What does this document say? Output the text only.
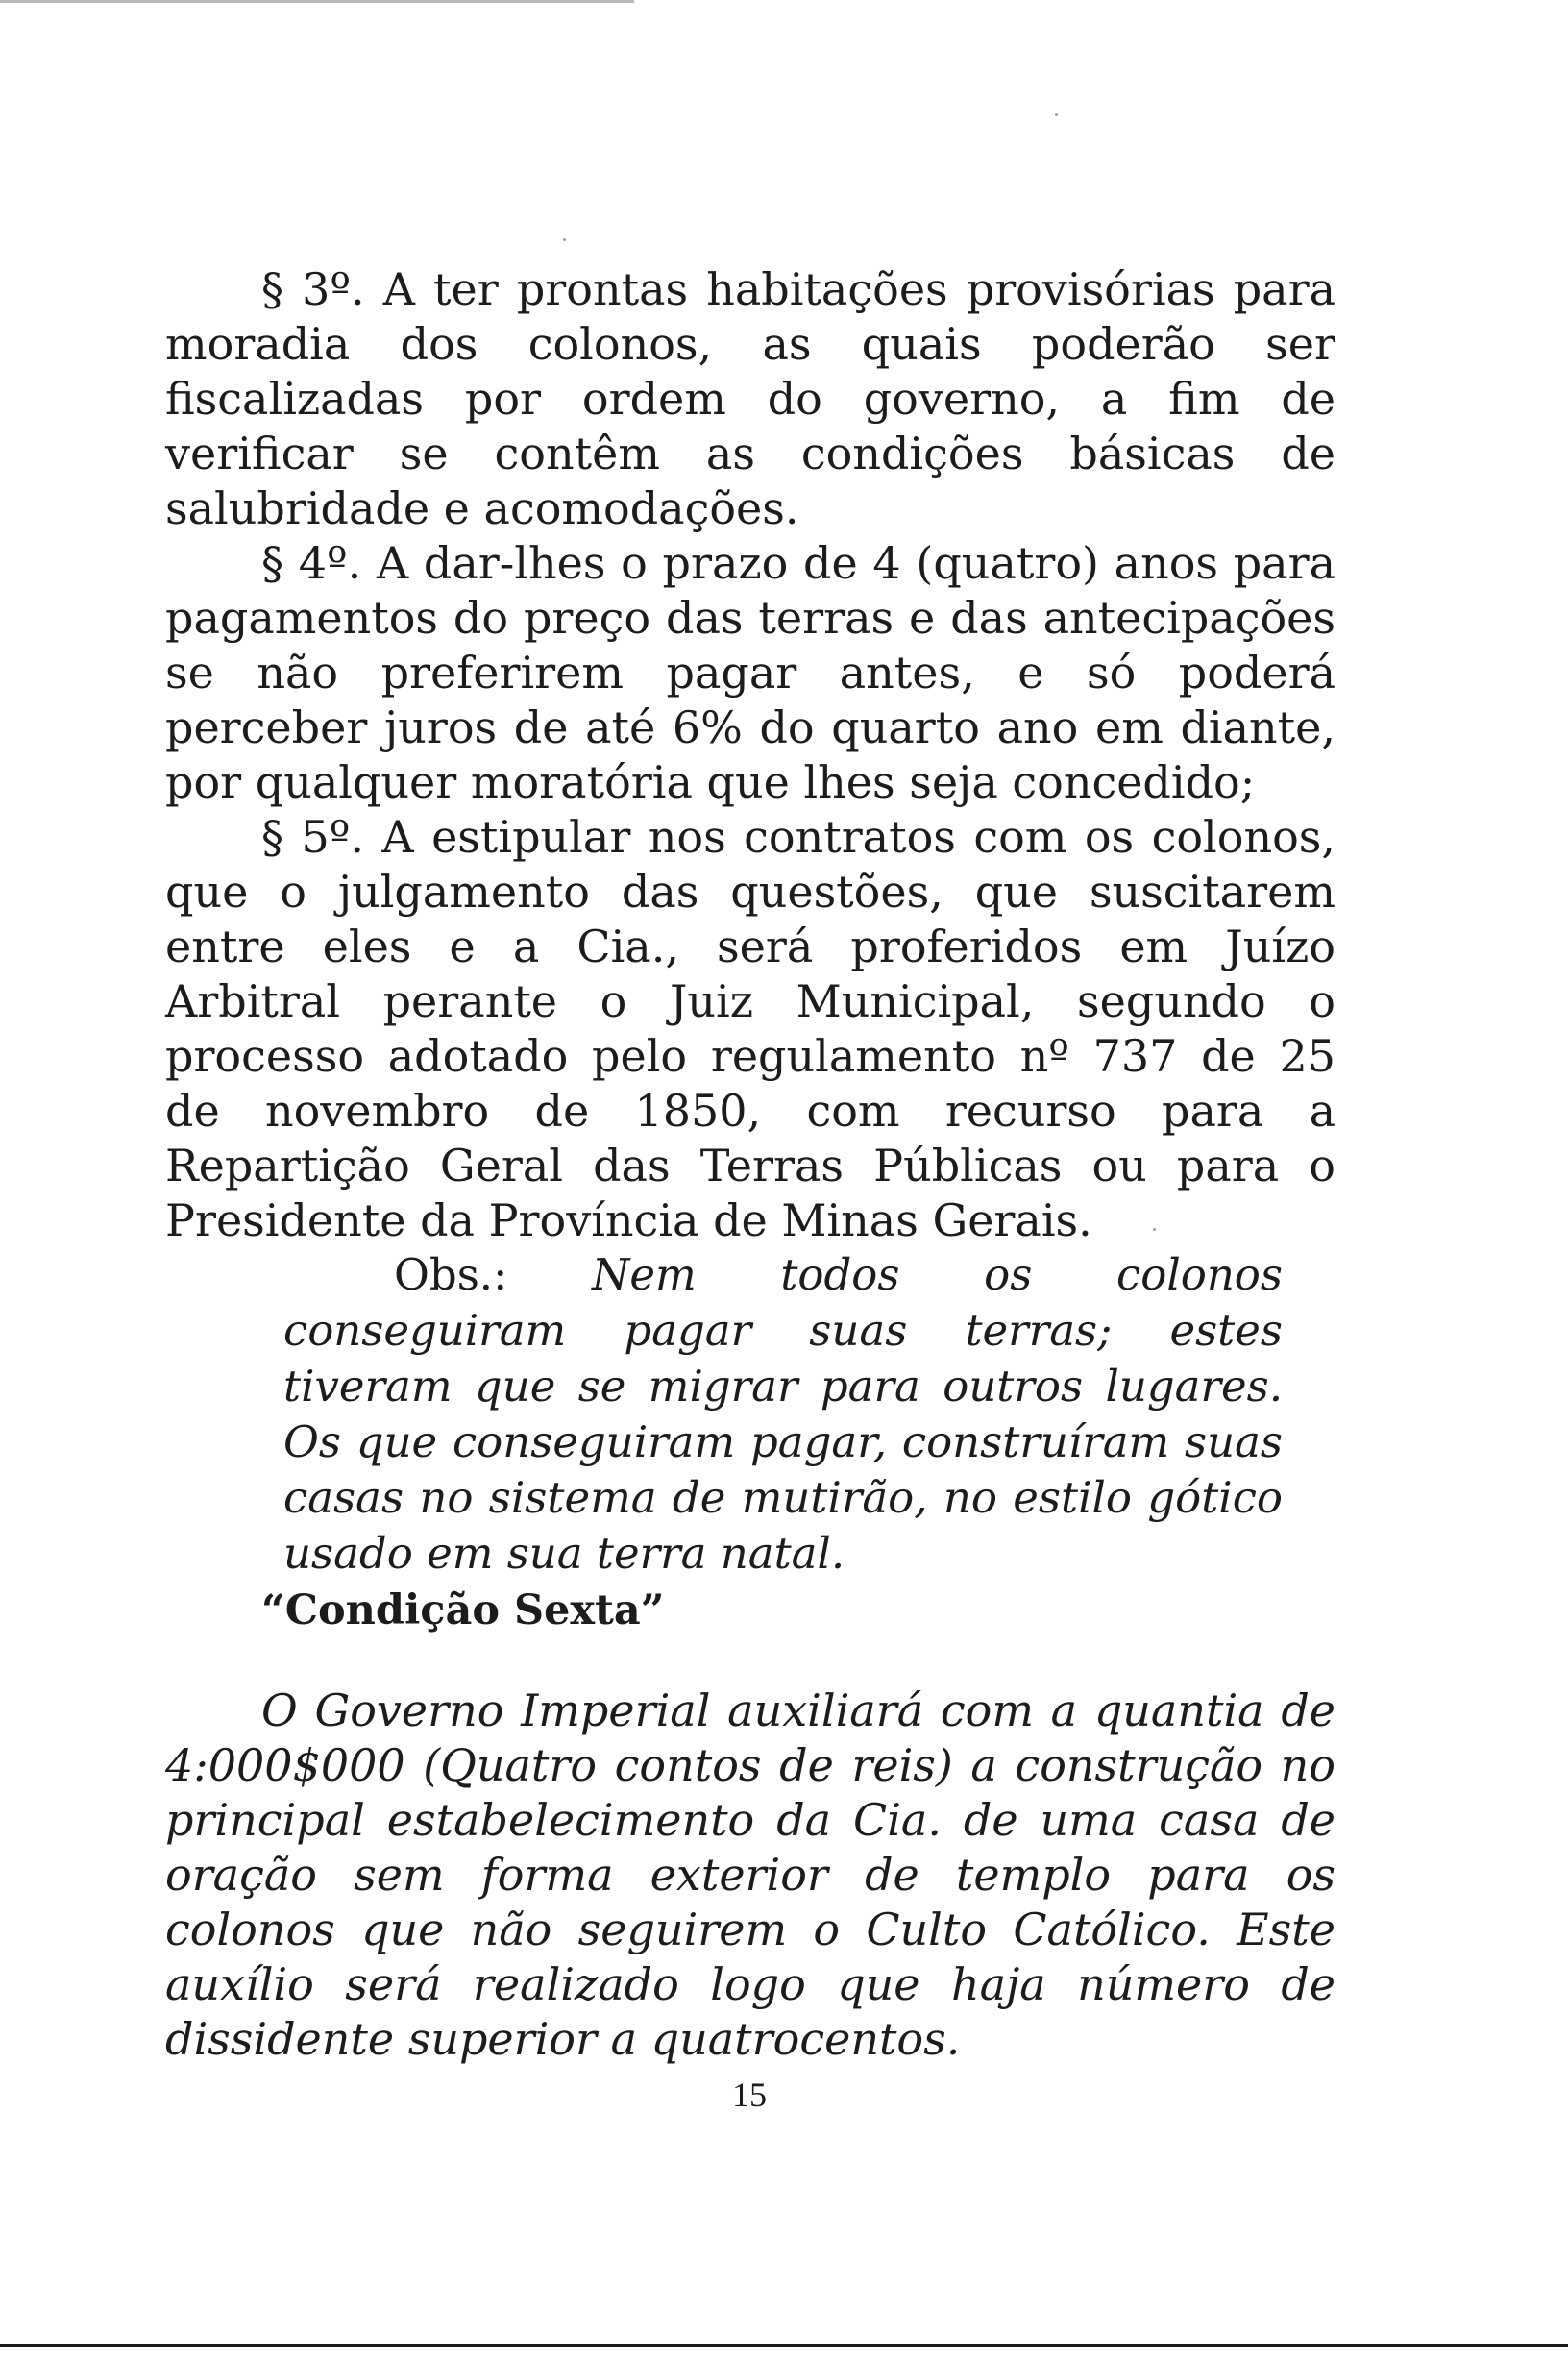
§ 3º. A ter prontas habitações provisórias para moradia dos colonos, as quais poderão ser fiscalizadas por ordem do governo, a fim de verificar se contêm as condições básicas de salubridade e acomodações.

§ 4º. A dar-lhes o prazo de 4 (quatro) anos para pagamentos do preço das terras e das antecipações se não preferirem pagar antes, e só poderá perceber juros de até 6% do quarto ano em diante, por qualquer moratória que lhes seja concedido;

§ 5º. A estipular nos contratos com os colonos, que o julgamento das questões, que suscitarem entre eles e a Cia., será proferidos em Juízo Arbitral perante o Juiz Municipal, segundo o processo adotado pelo regulamento nº 737 de 25 de novembro de 1850, com recurso para a Repartição Geral das Terras Públicas ou para o Presidente da Província de Minas Gerais.

Obs.: Nem todos os colonos conseguiram pagar suas terras; estes tiveram que se migrar para outros lugares. Os que conseguiram pagar, construíram suas casas no sistema de mutirão, no estilo gótico usado em sua terra natal.
“Condição Sexta”
O Governo Imperial auxiliará com a quantia de 4:000$000 (Quatro contos de reis) a construção no principal estabelecimento da Cia. de uma casa de oração sem forma exterior de templo para os colonos que não seguirem o Culto Católico. Este auxílio será realizado logo que haja número de dissidente superior a quatrocentos.
15
